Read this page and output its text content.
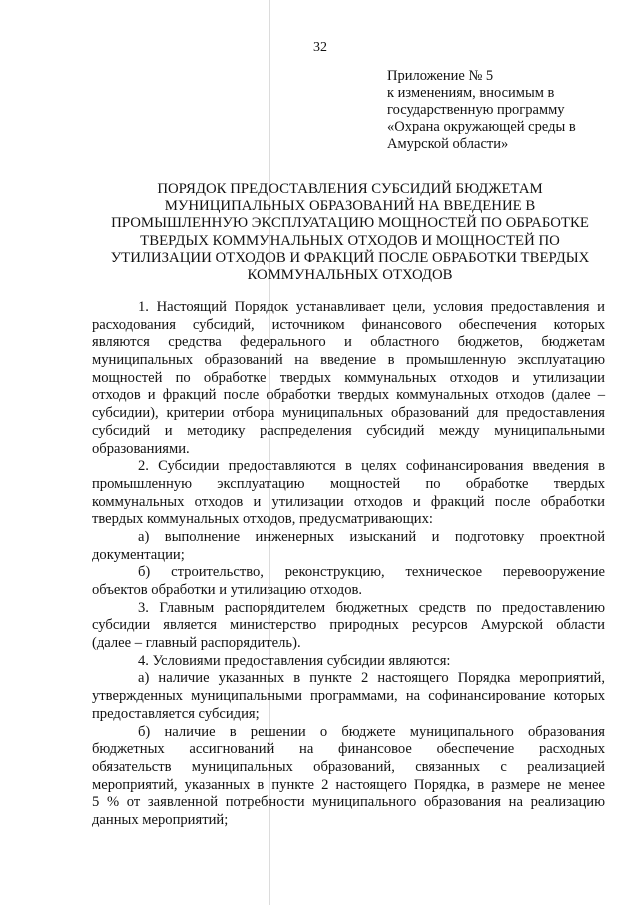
32
Приложение № 5
к изменениям, вносимым в
государственную программу
«Охрана окружающей среды в
Амурской области»
ПОРЯДОК ПРЕДОСТАВЛЕНИЯ СУБСИДИЙ БЮДЖЕТАМ
МУНИЦИПАЛЬНЫХ ОБРАЗОВАНИЙ НА ВВЕДЕНИЕ В
ПРОМЫШЛЕННУЮ ЭКСПЛУАТАЦИЮ МОЩНОСТЕЙ ПО ОБРАБОТКЕ
ТВЕРДЫХ КОММУНАЛЬНЫХ ОТХОДОВ И МОЩНОСТЕЙ ПО
УТИЛИЗАЦИИ ОТХОДОВ И ФРАКЦИЙ ПОСЛЕ ОБРАБОТКИ ТВЕРДЫХ
КОММУНАЛЬНЫХ ОТХОДОВ
1. Настоящий Порядок устанавливает цели, условия предоставления и
расходования субсидий, источником финансового обеспечения которых
являются средства федерального и областного бюджетов, бюджетам
муниципальных образований на введение в промышленную эксплуатацию
мощностей по обработке твердых коммунальных отходов и утилизации
отходов и фракций после обработки твердых коммунальных отходов (далее –
субсидии), критерии отбора муниципальных образований для предоставления
субсидий и методику распределения субсидий между муниципальными
образованиями.
2. Субсидии предоставляются в целях софинансирования введения в
промышленную эксплуатацию мощностей по обработке твердых
коммунальных отходов и утилизации отходов и фракций после обработки
твердых коммунальных отходов, предусматривающих:
а) выполнение инженерных изысканий и подготовку проектной
документации;
б) строительство, реконструкцию, техническое перевооружение
объектов обработки и утилизацию отходов.
3. Главным распорядителем бюджетных средств по предоставлению
субсидии является министерство природных ресурсов Амурской области
(далее – главный распорядитель).
4. Условиями предоставления субсидии являются:
а) наличие указанных в пункте 2 настоящего Порядка мероприятий,
утвержденных муниципальными программами, на софинансирование которых
предоставляется субсидия;
б) наличие в решении о бюджете муниципального образования
бюджетных ассигнований на финансовое обеспечение расходных
обязательств муниципальных образований, связанных с реализацией
мероприятий, указанных в пункте 2 настоящего Порядка, в размере не менее
5 % от заявленной потребности муниципального образования на реализацию
данных мероприятий;
